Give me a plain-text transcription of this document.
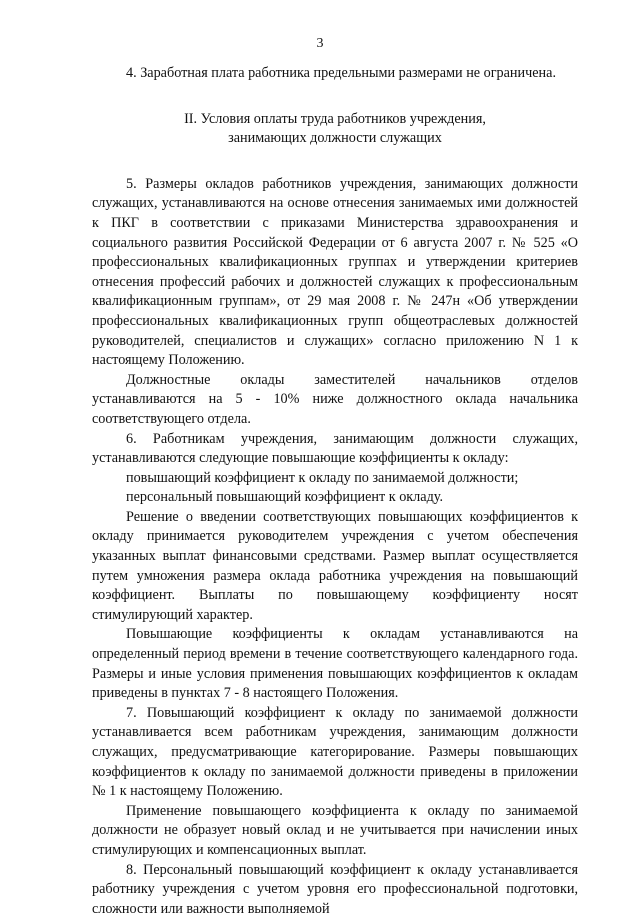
3

4. Заработная плата работника предельными размерами не ограничена.

II. Условия оплаты труда работников учреждения,
занимающих должности служащих

5. Размеры окладов работников учреждения, занимающих должности служащих, устанавливаются на основе отнесения занимаемых ими должностей к ПКГ в соответствии с приказами Министерства здравоохранения и социального развития Российской Федерации от 6 августа 2007 г. № 525 «О профессиональных квалификационных группах и утверждении критериев отнесения профессий рабочих и должностей служащих к профессиональным квалификационным группам», от 29 мая 2008 г. № 247н «Об утверждении профессиональных квалификационных групп общеотраслевых должностей руководителей, специалистов и служащих» согласно приложению N 1 к настоящему Положению.

Должностные оклады заместителей начальников отделов устанавливаются на 5 - 10% ниже должностного оклада начальника соответствующего отдела.

6. Работникам учреждения, занимающим должности служащих, устанавливаются следующие повышающие коэффициенты к окладу:

повышающий коэффициент к окладу по занимаемой должности;

персональный повышающий коэффициент к окладу.

Решение о введении соответствующих повышающих коэффициентов к окладу принимается руководителем учреждения с учетом обеспечения указанных выплат финансовыми средствами. Размер выплат осуществляется путем умножения размера оклада работника учреждения на повышающий коэффициент. Выплаты по повышающему коэффициенту носят стимулирующий характер.

Повышающие коэффициенты к окладам устанавливаются на определенный период времени в течение соответствующего календарного года. Размеры и иные условия применения повышающих коэффициентов к окладам приведены в пунктах 7 - 8 настоящего Положения.

7. Повышающий коэффициент к окладу по занимаемой должности устанавливается всем работникам учреждения, занимающим должности служащих, предусматривающие категорирование. Размеры повышающих коэффициентов к окладу по занимаемой должности приведены в приложении № 1 к настоящему Положению.

Применение повышающего коэффициента к окладу по занимаемой должности не образует новый оклад и не учитывается при начислении иных стимулирующих и компенсационных выплат.

8. Персональный повышающий коэффициент к окладу устанавливается работнику учреждения с учетом уровня его профессиональной подготовки, сложности или важности выполняемой
